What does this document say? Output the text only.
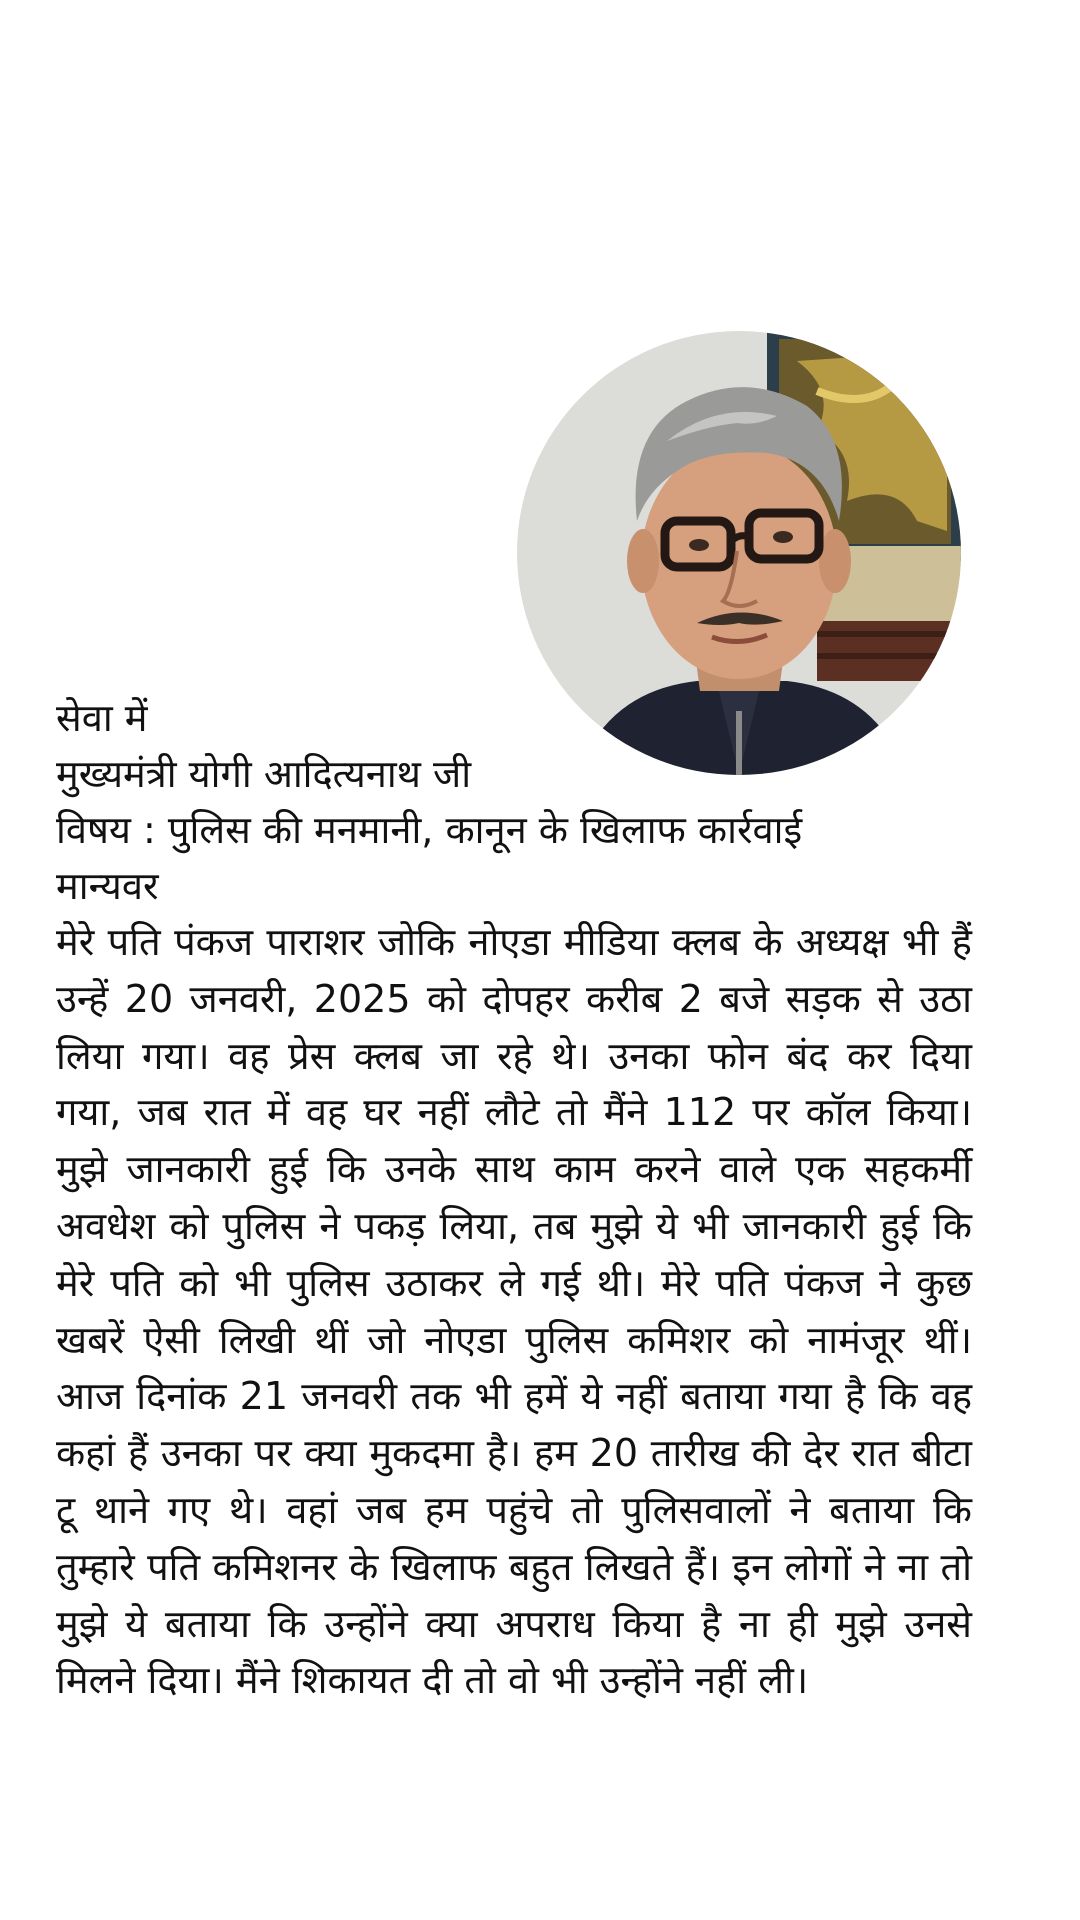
सेवा में
मुख्यमंत्री योगी आदित्यनाथ जी
विषय : पुलिस की मनमानी, कानून के खिलाफ कार्रवाई
मान्यवर

मेरे पति पंकज पाराशर जोकि नोएडा मीडिया क्लब के अध्यक्ष भी हैं उन्हें 20 जनवरी, 2025 को दोपहर करीब 2 बजे सड़क से उठा लिया गया। वह प्रेस क्लब जा रहे थे। उनका फोन बंद कर दिया गया, जब रात में वह घर नहीं लौटे तो मैंने 112 पर कॉल किया। मुझे जानकारी हुई कि उनके साथ काम करने वाले एक सहकर्मी अवधेश को पुलिस ने पकड़ लिया, तब मुझे ये भी जानकारी हुई कि मेरे पति को भी पुलिस उठाकर ले गई थी। मेरे पति पंकज ने कुछ खबरें ऐसी लिखी थीं जो नोएडा पुलिस कमिशर को नामंजूर थीं। आज दिनांक 21 जनवरी तक भी हमें ये नहीं बताया गया है कि वह कहां हैं उनका पर क्या मुकदमा है। हम 20 तारीख की देर रात बीटा टू थाने गए थे। वहां जब हम पहुंचे तो पुलिसवालों ने बताया कि तुम्हारे पति कमिशनर के खिलाफ बहुत लिखते हैं। इन लोगों ने ना तो मुझे ये बताया कि उन्होंने क्या अपराध किया है ना ही मुझे उनसे मिलने दिया। मैंने शिकायत दी तो वो भी उन्होंने नहीं ली।
